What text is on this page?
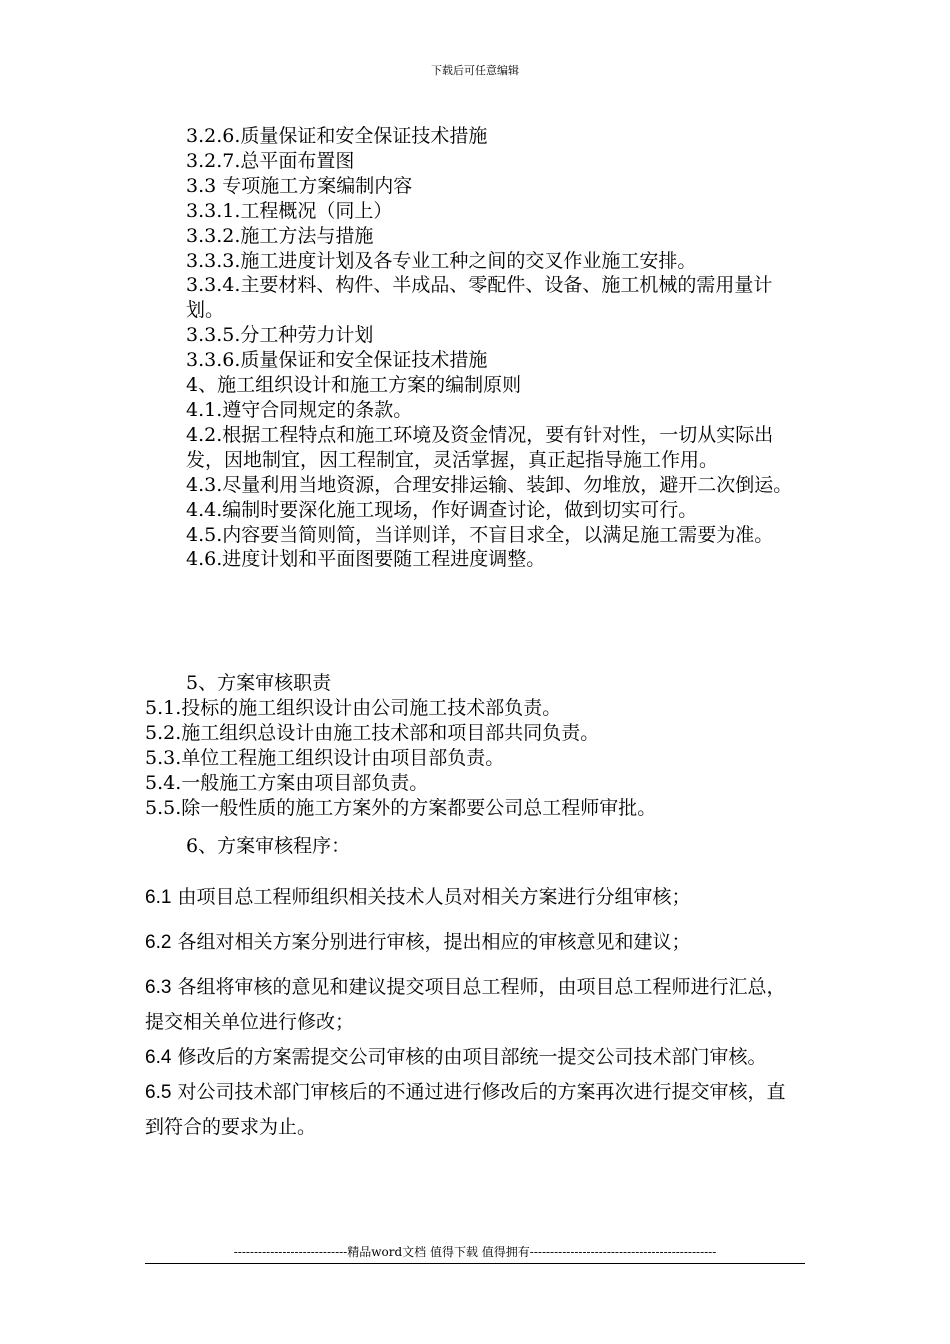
下载后可任意编辑

3.2.6.质量保证和安全保证技术措施

3.2.7.总平面布置图

3.3 专项施工方案编制内容

3.3.1.工程概况（同上）

3.3.2.施工方法与措施

3.3.3.施工进度计划及各专业工种之间的交叉作业施工安排。

3.3.4.主要材料、构件、半成品、零配件、设备、施工机械的需用量计划。

3.3.5.分工种劳力计划

3.3.6.质量保证和安全保证技术措施

4、施工组织设计和施工方案的编制原则

4.1.遵守合同规定的条款。

4.2.根据工程特点和施工环境及资金情况，要有针对性，一切从实际出发，因地制宜，因工程制宜，灵活掌握，真正起指导施工作用。

4.3.尽量利用当地资源，合理安排运输、装卸、勿堆放，避开二次倒运。

4.4.编制时要深化施工现场，作好调查讨论，做到切实可行。

4.5.内容要当简则简，当详则详，不盲目求全，以满足施工需要为准。

4.6.进度计划和平面图要随工程进度调整。

5、方案审核职责

5.1.投标的施工组织设计由公司施工技术部负责。

5.2.施工组织总设计由施工技术部和项目部共同负责。

5.3.单位工程施工组织设计由项目部负责。

5.4.一般施工方案由项目部负责。

5.5.除一般性质的施工方案外的方案都要公司总工程师审批。

6、方案审核程序：

6.1 由项目总工程师组织相关技术人员对相关方案进行分组审核；

6.2 各组对相关方案分别进行审核，提出相应的审核意见和建议；

6.3 各组将审核的意见和建议提交项目总工程师，由项目总工程师进行汇总，提交相关单位进行修改；

6.4 修改后的方案需提交公司审核的由项目部统一提交公司技术部门审核。

6.5 对公司技术部门审核后的不通过进行修改后的方案再次进行提交审核，直到符合的要求为止。

----------------------------精品word文档 值得下载 值得拥有----------------------------------------------
